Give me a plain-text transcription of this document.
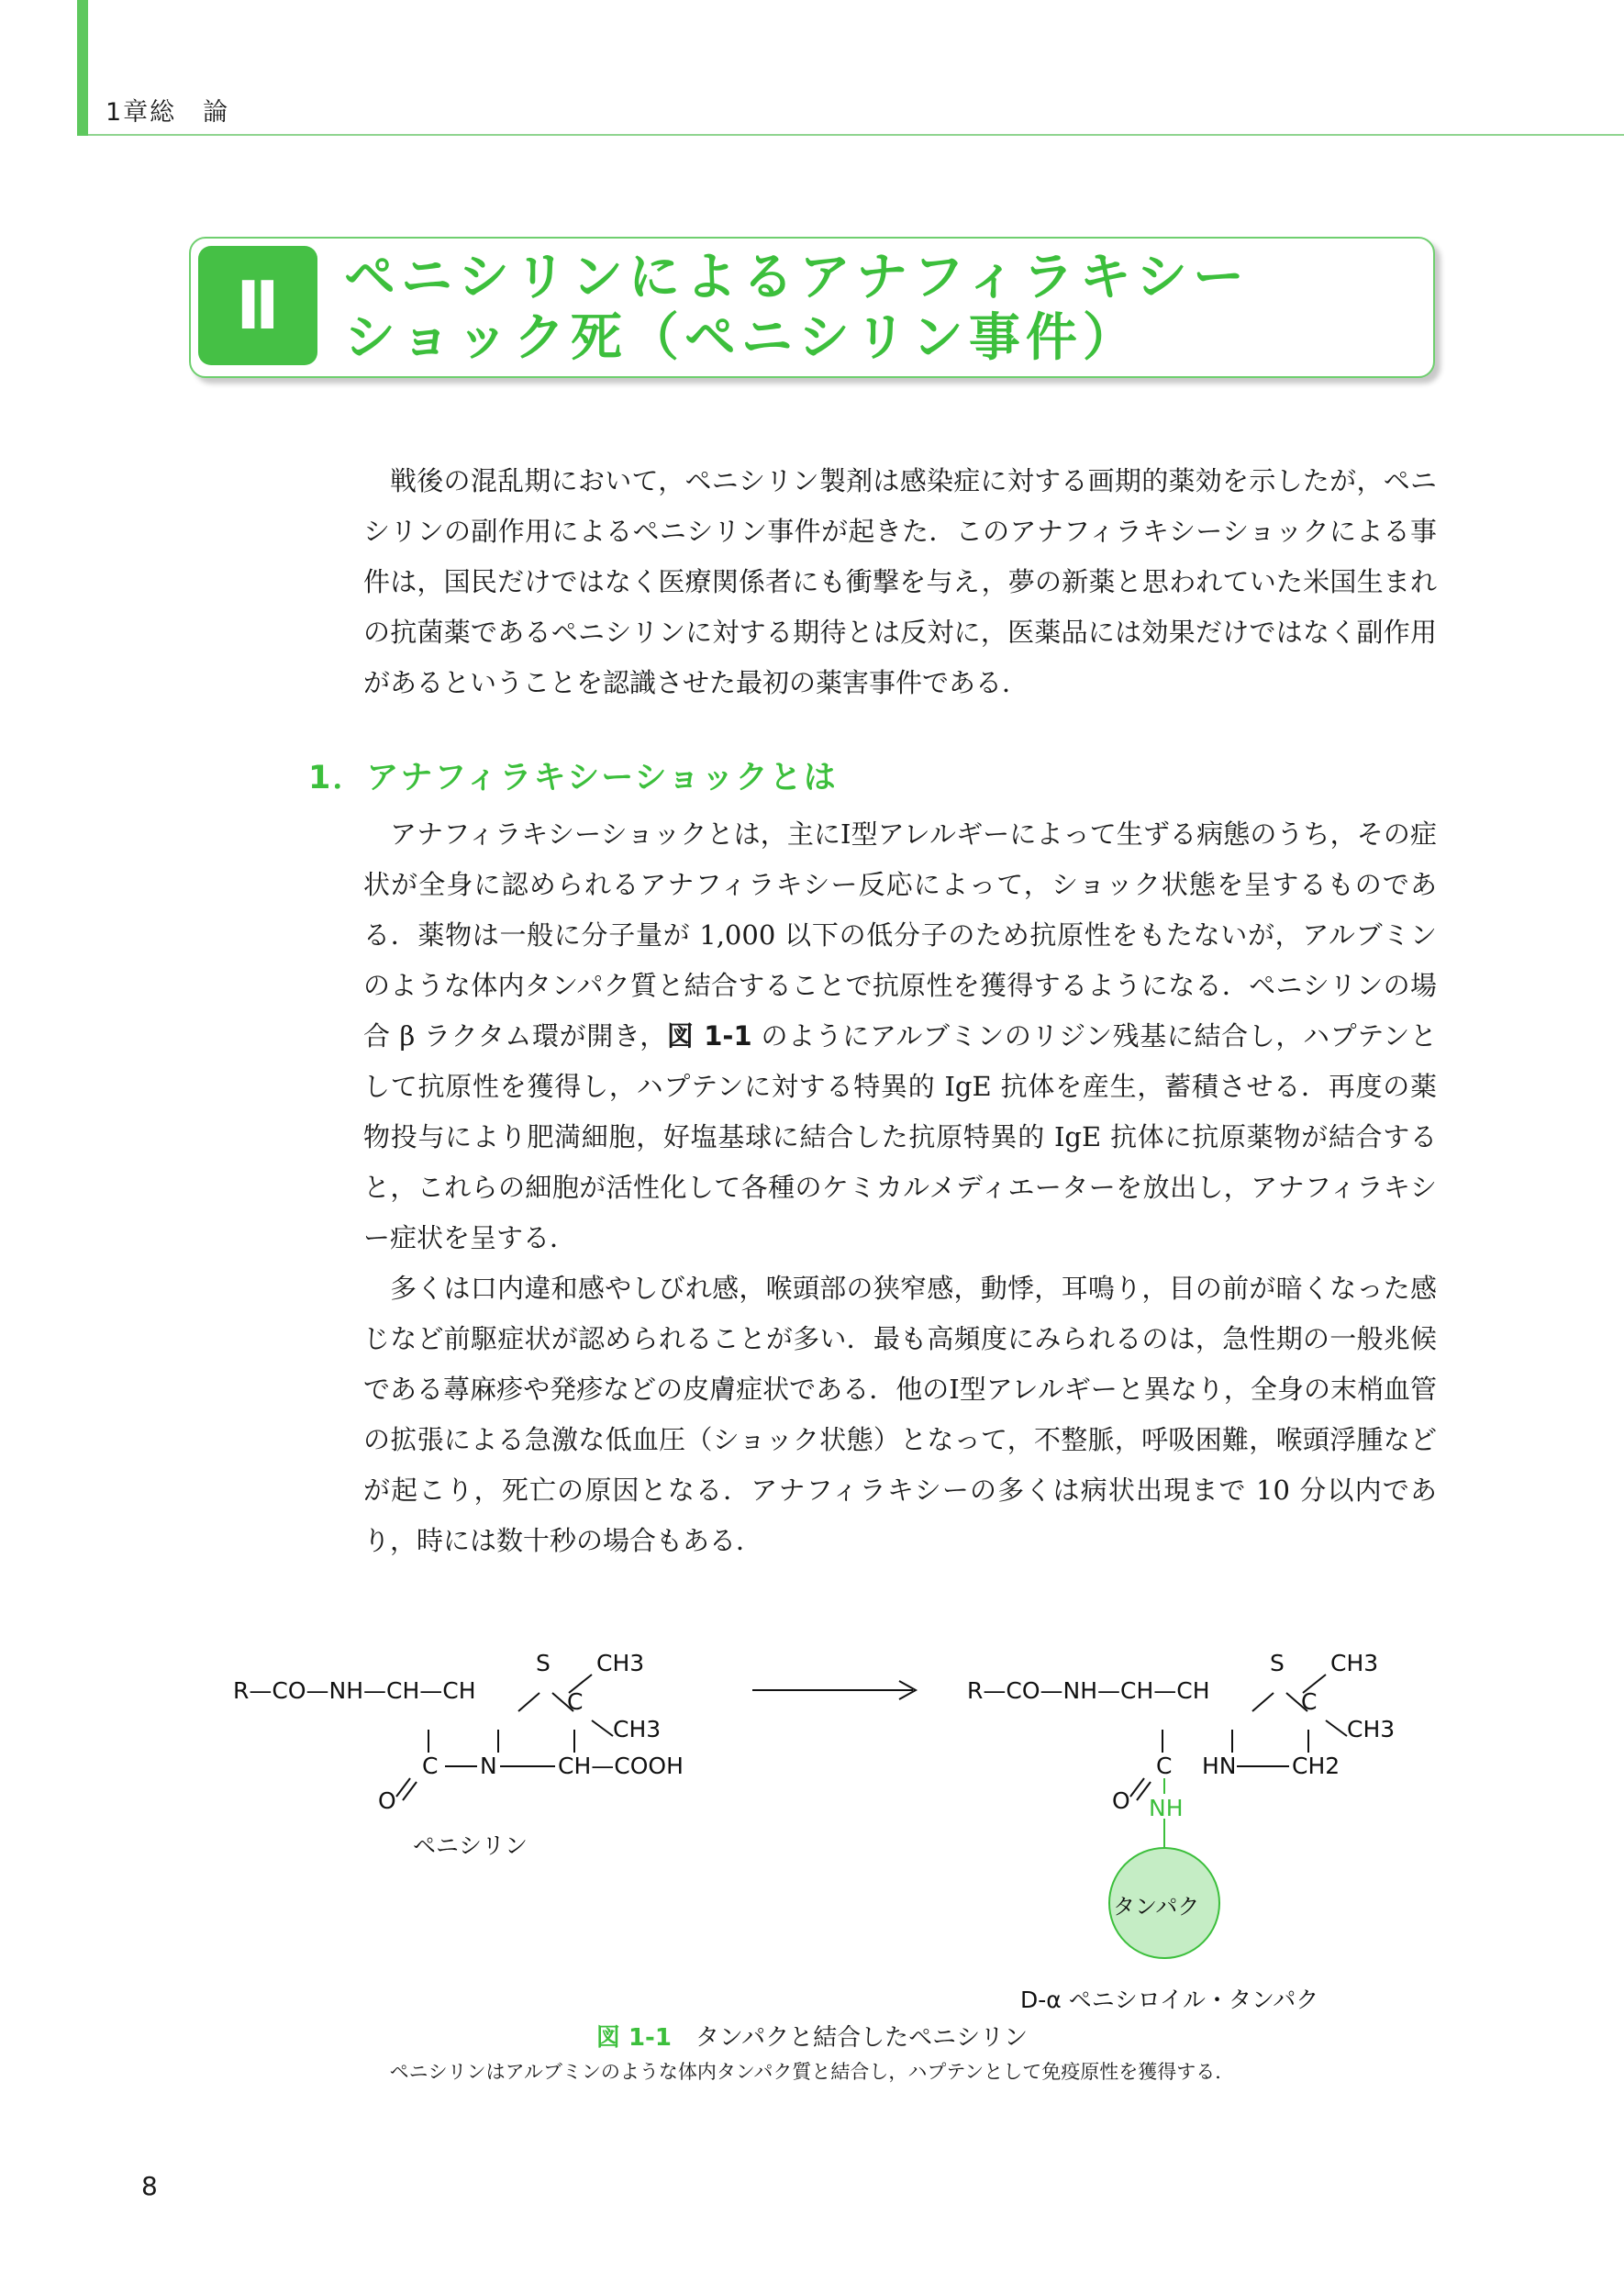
1章総　論
Ⅱ	ペニシリンによるアナフィラキシー
ショック死（ペニシリン事件）

戦後の混乱期において，ペニシリン製剤は感染症に対する画期的薬効を示したが，ペニシリンの副作用によるペニシリン事件が起きた．このアナフィラキシーショックによる事件は，国民だけではなく医療関係者にも衝撃を与え，夢の新薬と思われていた米国生まれの抗菌薬であるペニシリンに対する期待とは反対に，医薬品には効果だけではなく副作用があるということを認識させた最初の薬害事件である．

1．アナフィラキシーショックとは

アナフィラキシーショックとは，主にⅠ型アレルギーによって生ずる病態のうち，その症状が全身に認められるアナフィラキシー反応によって，ショック状態を呈するものである．薬物は一般に分子量が 1,000 以下の低分子のため抗原性をもたないが，アルブミンのような体内タンパク質と結合することで抗原性を獲得するようになる．ペニシリンの場合 β ラクタム環が開き，図 1-1 のようにアルブミンのリジン残基に結合し，ハプテンとして抗原性を獲得し，ハプテンに対する特異的 IgE 抗体を産生，蓄積させる．再度の薬物投与により肥満細胞，好塩基球に結合した抗原特異的 IgE 抗体に抗原薬物が結合すると，これらの細胞が活性化して各種のケミカルメディエーターを放出し，アナフィラキシー症状を呈する．

多くは口内違和感やしびれ感，喉頭部の狭窄感，動悸，耳鳴り，目の前が暗くなった感じなど前駆症状が認められることが多い．最も高頻度にみられるのは，急性期の一般兆候である蕁麻疹や発疹などの皮膚症状である．他のⅠ型アレルギーと異なり，全身の末梢血管の拡張による急激な低血圧（ショック状態）となって，不整脈，呼吸困難，喉頭浮腫などが起こり，死亡の原因となる．アナフィラキシーの多くは病状出現まで 10 分以内であり，時には数十秒の場合もある．

R—CO—NH—CH—CH
S CH3
C
CH3
C N	CH—COOH
O
ペニシリン
R—CO—NH—CH—CH
S CH3
C
CH3
C HN CH2
O NH
タンパク
D-α ペニシロイル・タンパク
図 1-1 タンパクと結合したペニシリン
ペニシリンはアルブミンのような体内タンパク質と結合し，ハプテンとして免疫原性を獲得する．
8
